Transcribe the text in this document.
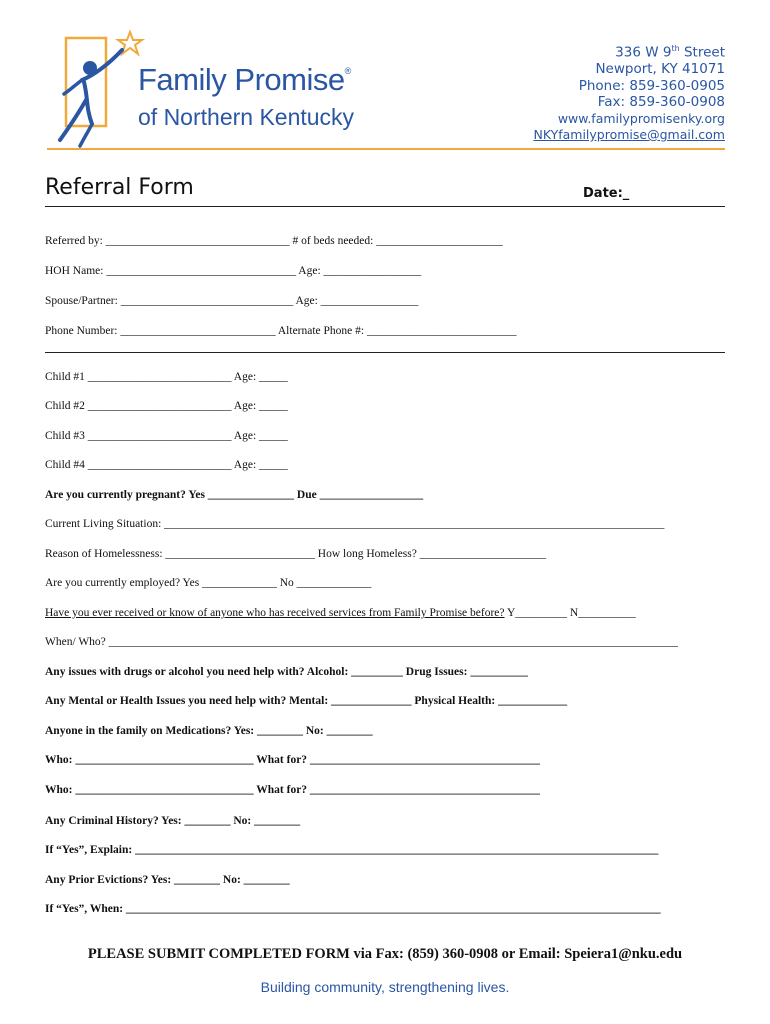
Family Promise®
of Northern Kentucky
336 W 9th Street
Newport, KY 41071
Phone: 859-360-0905
Fax: 859-360-0908
www.familypromisenky.org
NKYfamilypromise@gmail.com
Referral Form	Date:_
Referred by: ________________________________ # of beds needed: ______________________
HOH Name: _________________________________ Age: _________________
Spouse/Partner: ______________________________ Age: _________________
Phone Number: ___________________________ Alternate Phone #: __________________________
Child #1 _________________________ Age: _____
Child #2 _________________________ Age: _____
Child #3 _________________________ Age: _____
Child #4 _________________________ Age: _____
Are you currently pregnant? Yes _______________ Due __________________
Current Living Situation: _______________________________________________________________________________________
Reason of Homelessness: __________________________ How long Homeless? ______________________
Are you currently employed? Yes _____________ No _____________
Have you ever received or know of anyone who has received services from Family Promise before? Y_________ N__________
When/ Who? ___________________________________________________________________________________________________
Any issues with drugs or alcohol you need help with? Alcohol: _________ Drug Issues: __________
Any Mental or Health Issues you need help with? Mental: ______________ Physical Health: ____________
Anyone in the family on Medications? Yes: ________ No: ________
Who: _______________________________ What for? ________________________________________
Who: _______________________________ What for? ________________________________________
Any Criminal History? Yes: ________ No: ________
If “Yes”, Explain: ___________________________________________________________________________________________
Any Prior Evictions? Yes: ________ No: ________
If “Yes”, When: _____________________________________________________________________________________________
PLEASE SUBMIT COMPLETED FORM via Fax: (859) 360-0908 or Email: Speiera1@nku.edu
Building community, strengthening lives.
